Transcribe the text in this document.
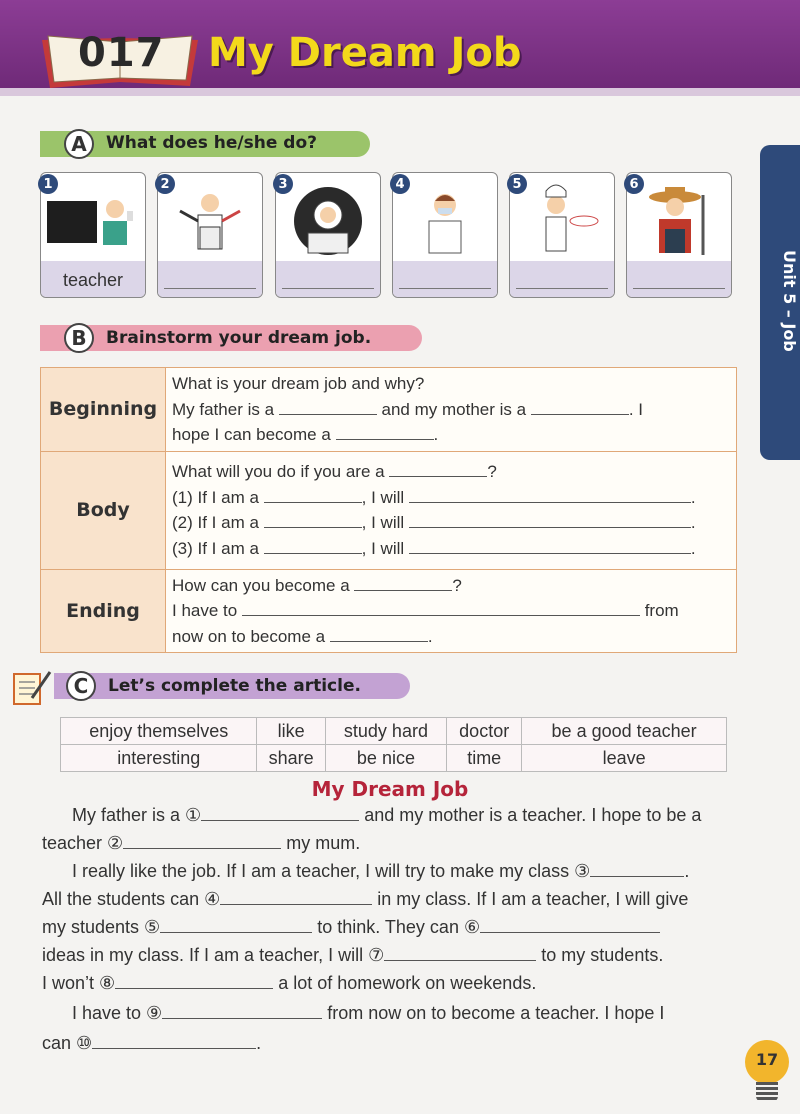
017 My Dream Job
Unit 5 – Job
A	What does he/she do?
teacher
1	2	3	4	5	6
B	Brainstorm your dream job.
Beginning	What is your dream job and why?
My father is a and my mother is a . I
hope I can become a .

Body	What will you do if you are a ?
(1) If I am a , I will .
(2) If I am a , I will .
(3) If I am a , I will .

Ending	How can you become a ?
I have to from
now on to become a .
C	Let’s complete the article.
enjoy themselves	like	study hard	doctor	be a good teacher
interesting	share	be nice	time	leave
My Dream Job
My father is a ①	and my mother is a teacher. I hope to be a
teacher ②	my mum.
I really like the job. If I am a teacher, I will try to make my class ③	.
All the students can ④	in my class. If I am a teacher, I will give
my students ⑤	to think. They can ⑥
ideas in my class. If I am a teacher, I will ⑦	to my students.
I won’t ⑧	a lot of homework on weekends.
I have to ⑨	from now on to become a teacher. I hope I
can ⑩	.
17
